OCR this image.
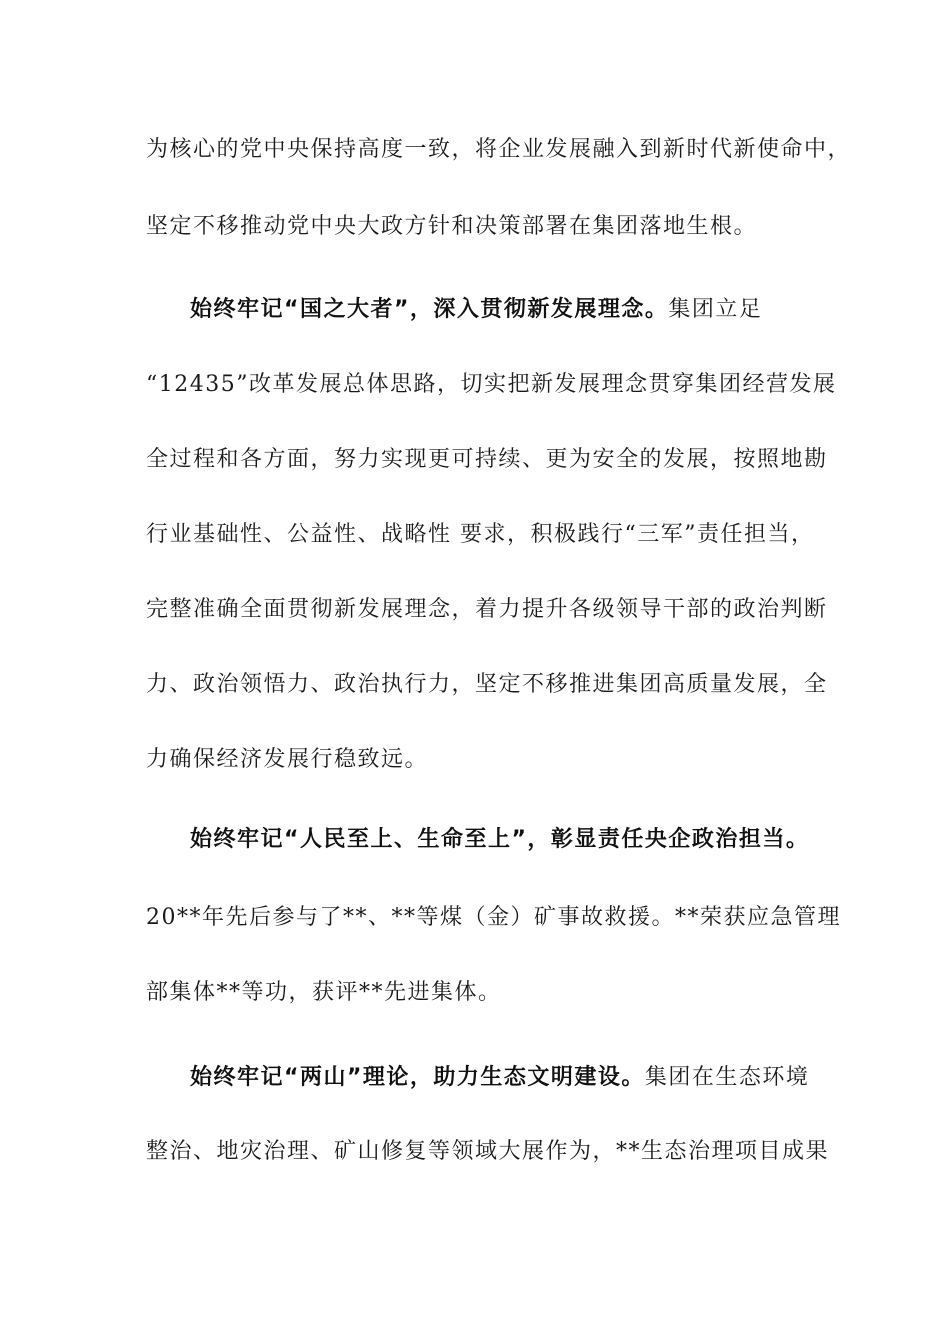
为核心的党中央保持高度一致，将企业发展融入到新时代新使命中，
坚定不移推动党中央大政方针和决策部署在集团落地生根。
始终牢记“国之大者”，深入贯彻新发展理念。集团立足
“12435”改革发展总体思路，切实把新发展理念贯穿集团经营发展
全过程和各方面，努力实现更可持续、更为安全的发展，按照地勘
行业基础性、公益性、战略性 要求，积极践行“三军”责任担当，
完整准确全面贯彻新发展理念，着力提升各级领导干部的政治判断
力、政治领悟力、政治执行力，坚定不移推进集团高质量发展，全
力确保经济发展行稳致远。
始终牢记“人民至上、生命至上”，彰显责任央企政治担当。
20**年先后参与了**、**等煤（金）矿事故救援。**荣获应急管理
部集体**等功，获评**先进集体。
始终牢记“两山”理论，助力生态文明建设。集团在生态环境
整治、地灾治理、矿山修复等领域大展作为，**生态治理项目成果
